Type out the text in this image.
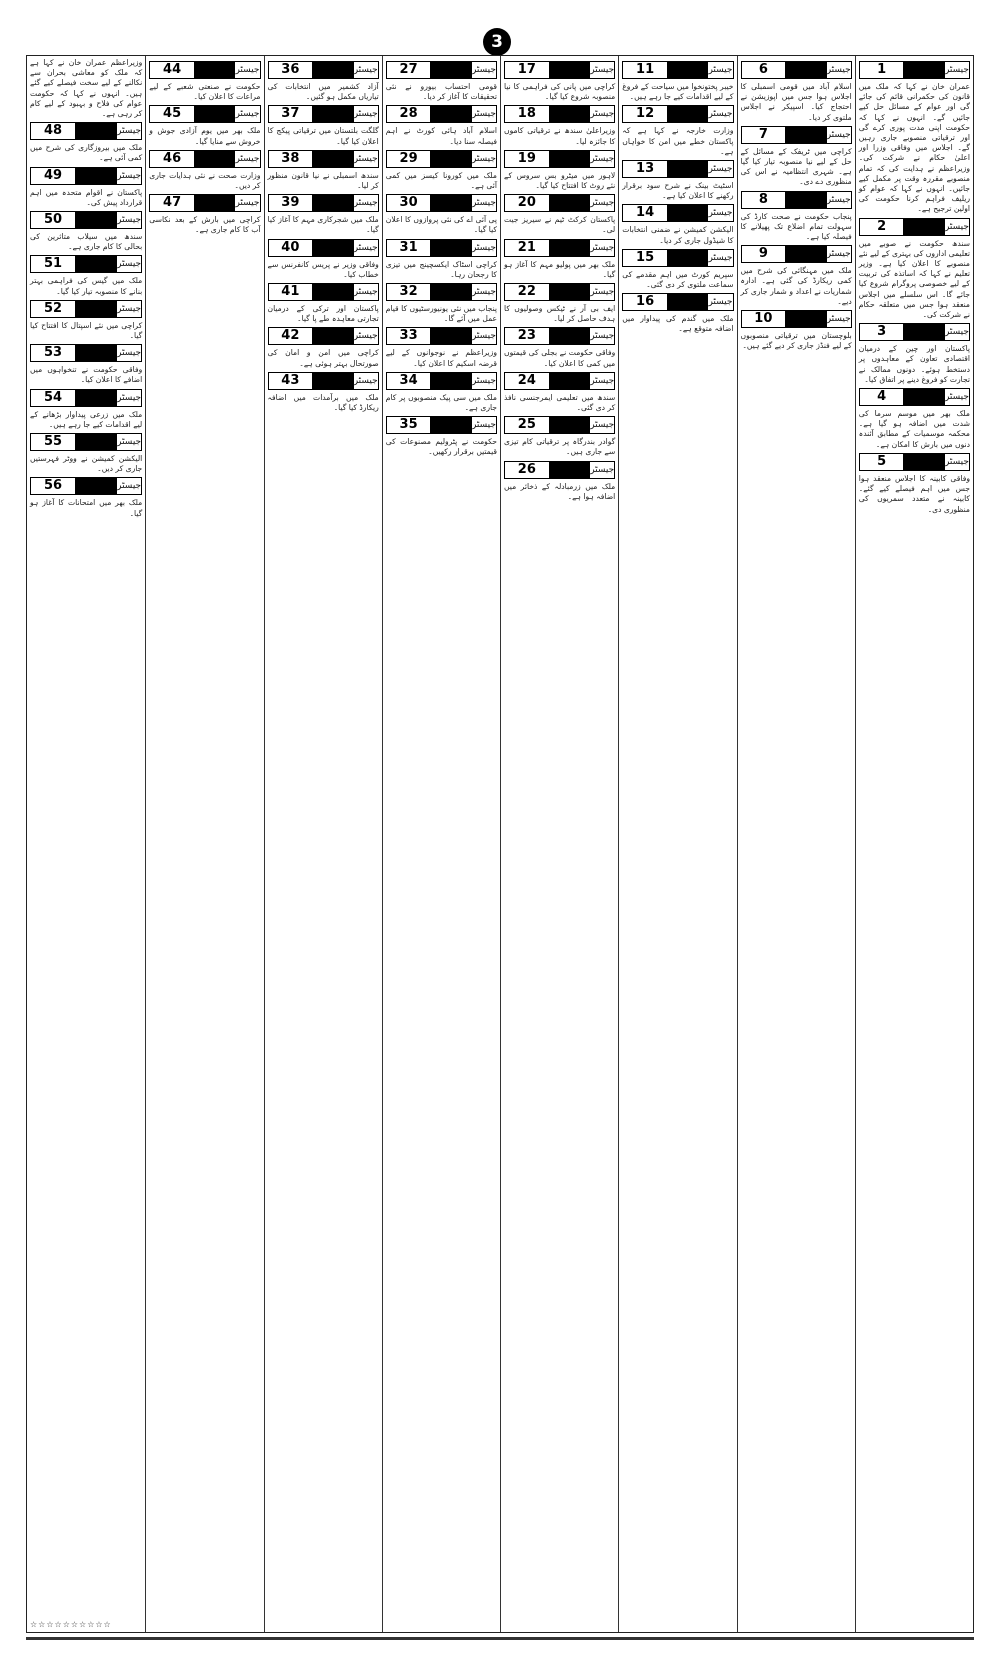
3

وزیراعظم عمران خان نے کہا ہے کہ ملک کو معاشی بحران سے نکالنے کے لیے سخت فیصلے کیے گئے ہیں۔ انہوں نے کہا کہ حکومت عوام کی فلاح و بہبود کے لیے کام کر رہی ہے۔

48	جیسٹر

ملک میں بیروزگاری کی شرح میں کمی آئی ہے۔

49	جیسٹر

پاکستان نے اقوام متحدہ میں اہم قرارداد پیش کی۔

50	جیسٹر

سندھ میں سیلاب متاثرین کی بحالی کا کام جاری ہے۔

51	جیسٹر

ملک میں گیس کی فراہمی بہتر بنانے کا منصوبہ تیار کیا گیا۔

52	جیسٹر

کراچی میں نئے اسپتال کا افتتاح کیا گیا۔

53	جیسٹر

وفاقی حکومت نے تنخواہوں میں اضافے کا اعلان کیا۔

54	جیسٹر

ملک میں زرعی پیداوار بڑھانے کے لیے اقدامات کیے جا رہے ہیں۔

55	جیسٹر

الیکشن کمیشن نے ووٹر فہرستیں جاری کر دیں۔

56	جیسٹر

ملک بھر میں امتحانات کا آغاز ہو گیا۔

44	جیسٹر

حکومت نے صنعتی شعبے کے لیے مراعات کا اعلان کیا۔

45	جیسٹر

ملک بھر میں یوم آزادی جوش و خروش سے منایا گیا۔

46	جیسٹر

وزارت صحت نے نئی ہدایات جاری کر دیں۔

47	جیسٹر

کراچی میں بارش کے بعد نکاسی آب کا کام جاری ہے۔

36	جیسٹر

آزاد کشمیر میں انتخابات کی تیاریاں مکمل ہو گئیں۔

37	جیسٹر

گلگت بلتستان میں ترقیاتی پیکج کا اعلان کیا گیا۔

38	جیسٹر

سندھ اسمبلی نے نیا قانون منظور کر لیا۔

39	جیسٹر

ملک میں شجرکاری مہم کا آغاز کیا گیا۔

40	جیسٹر

وفاقی وزیر نے پریس کانفرنس سے خطاب کیا۔

41	جیسٹر

پاکستان اور ترکی کے درمیان تجارتی معاہدہ طے پا گیا۔

42	جیسٹر

کراچی میں امن و امان کی صورتحال بہتر ہوئی ہے۔

43	جیسٹر

ملک میں برآمدات میں اضافہ ریکارڈ کیا گیا۔

27	جیسٹر

قومی احتساب بیورو نے نئی تحقیقات کا آغاز کر دیا۔

28	جیسٹر

اسلام آباد ہائی کورٹ نے اہم فیصلہ سنا دیا۔

29	جیسٹر

ملک میں کورونا کیسز میں کمی آئی ہے۔

30	جیسٹر

پی آئی اے کی نئی پروازوں کا اعلان کیا گیا۔

31	جیسٹر

کراچی اسٹاک ایکسچینج میں تیزی کا رجحان رہا۔

32	جیسٹر

پنجاب میں نئی یونیورسٹیوں کا قیام عمل میں آئے گا۔

33	جیسٹر

وزیراعظم نے نوجوانوں کے لیے قرضہ اسکیم کا اعلان کیا۔

34	جیسٹر

ملک میں سی پیک منصوبوں پر کام جاری ہے۔

35	جیسٹر

حکومت نے پٹرولیم مصنوعات کی قیمتیں برقرار رکھیں۔

17	جیسٹر

کراچی میں پانی کی فراہمی کا نیا منصوبہ شروع کیا گیا۔

18	جیسٹر

وزیراعلیٰ سندھ نے ترقیاتی کاموں کا جائزہ لیا۔

19	جیسٹر

لاہور میں میٹرو بس سروس کے نئے روٹ کا افتتاح کیا گیا۔

20	جیسٹر

پاکستان کرکٹ ٹیم نے سیریز جیت لی۔

21	جیسٹر

ملک بھر میں پولیو مہم کا آغاز ہو گیا۔

22	جیسٹر

ایف بی آر نے ٹیکس وصولیوں کا ہدف حاصل کر لیا۔

23	جیسٹر

وفاقی حکومت نے بجلی کی قیمتوں میں کمی کا اعلان کیا۔

24	جیسٹر

سندھ میں تعلیمی ایمرجنسی نافذ کر دی گئی۔

25	جیسٹر

گوادر بندرگاہ پر ترقیاتی کام تیزی سے جاری ہیں۔

26	جیسٹر

ملک میں زرمبادلہ کے ذخائر میں اضافہ ہوا ہے۔

11	جیسٹر

خیبر پختونخوا میں سیاحت کے فروغ کے لیے اقدامات کیے جا رہے ہیں۔

12	جیسٹر

وزارت خارجہ نے کہا ہے کہ پاکستان خطے میں امن کا خواہاں ہے۔

13	جیسٹر

اسٹیٹ بینک نے شرح سود برقرار رکھنے کا اعلان کیا ہے۔

14	جیسٹر

الیکشن کمیشن نے ضمنی انتخابات کا شیڈول جاری کر دیا۔

15	جیسٹر

سپریم کورٹ میں اہم مقدمے کی سماعت ملتوی کر دی گئی۔

16	جیسٹر

ملک میں گندم کی پیداوار میں اضافہ متوقع ہے۔

6	جیسٹر

اسلام آباد میں قومی اسمبلی کا اجلاس ہوا جس میں اپوزیشن نے احتجاج کیا۔ اسپیکر نے اجلاس ملتوی کر دیا۔

7	جیسٹر

کراچی میں ٹریفک کے مسائل کے حل کے لیے نیا منصوبہ تیار کیا گیا ہے۔ شہری انتظامیہ نے اس کی منظوری دے دی۔

8	جیسٹر

پنجاب حکومت نے صحت کارڈ کی سہولت تمام اضلاع تک پھیلانے کا فیصلہ کیا ہے۔

9	جیسٹر

ملک میں مہنگائی کی شرح میں کمی ریکارڈ کی گئی ہے۔ ادارہ شماریات نے اعداد و شمار جاری کر دیے۔

10	جیسٹر

بلوچستان میں ترقیاتی منصوبوں کے لیے فنڈز جاری کر دیے گئے ہیں۔

1	جیسٹر

عمران خان نے کہا کہ ملک میں قانون کی حکمرانی قائم کی جائے گی اور عوام کے مسائل حل کیے جائیں گے۔ انہوں نے کہا کہ حکومت اپنی مدت پوری کرے گی اور ترقیاتی منصوبے جاری رہیں گے۔ اجلاس میں وفاقی وزرا اور اعلیٰ حکام نے شرکت کی۔ وزیراعظم نے ہدایت کی کہ تمام منصوبے مقررہ وقت پر مکمل کیے جائیں۔ انہوں نے کہا کہ عوام کو ریلیف فراہم کرنا حکومت کی اولین ترجیح ہے۔

2	جیسٹر

سندھ حکومت نے صوبے میں تعلیمی اداروں کی بہتری کے لیے نئے منصوبے کا اعلان کیا ہے۔ وزیر تعلیم نے کہا کہ اساتذہ کی تربیت کے لیے خصوصی پروگرام شروع کیا جائے گا۔ اس سلسلے میں اجلاس منعقد ہوا جس میں متعلقہ حکام نے شرکت کی۔

3	جیسٹر

پاکستان اور چین کے درمیان اقتصادی تعاون کے معاہدوں پر دستخط ہوئے۔ دونوں ممالک نے تجارت کو فروغ دینے پر اتفاق کیا۔

4	جیسٹر

ملک بھر میں موسم سرما کی شدت میں اضافہ ہو گیا ہے۔ محکمہ موسمیات کے مطابق آئندہ دنوں میں بارش کا امکان ہے۔

5	جیسٹر

وفاقی کابینہ کا اجلاس منعقد ہوا جس میں اہم فیصلے کیے گئے۔ کابینہ نے متعدد سمریوں کی منظوری دی۔

☆☆☆☆☆☆☆☆☆☆
